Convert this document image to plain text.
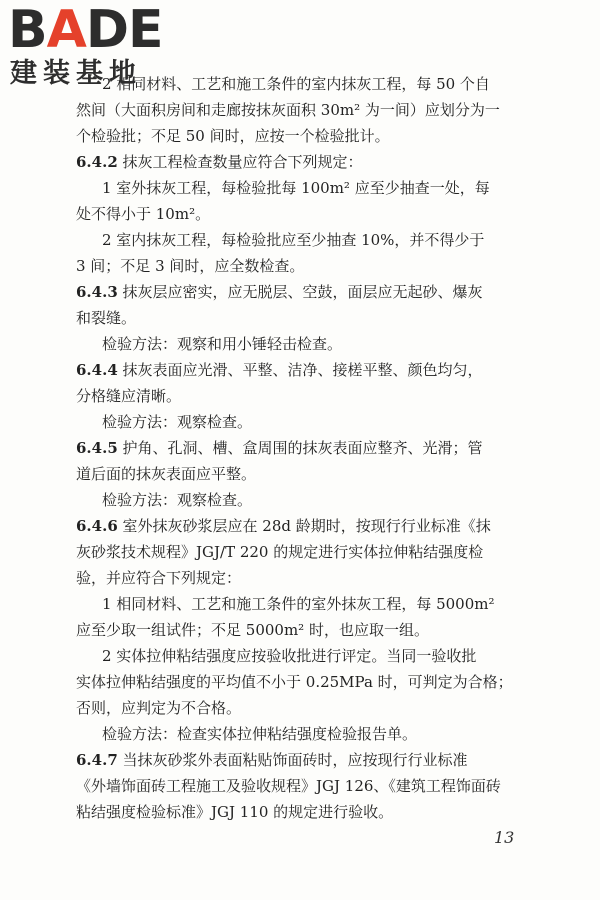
BADE
建装基地
2 相同材料、工艺和施工条件的室内抹灰工程，每 50 个自
然间（大面积房间和走廊按抹灰面积 30m² 为一间）应划分为一
个检验批；不足 50 间时，应按一个检验批计。
6.4.2 抹灰工程检查数量应符合下列规定：
1 室外抹灰工程，每检验批每 100m² 应至少抽查一处，每
处不得小于 10m²。
2 室内抹灰工程，每检验批应至少抽查 10%，并不得少于
3 间；不足 3 间时，应全数检查。
6.4.3 抹灰层应密实，应无脱层、空鼓，面层应无起砂、爆灰
和裂缝。
检验方法：观察和用小锤轻击检查。
6.4.4 抹灰表面应光滑、平整、洁净、接槎平整、颜色均匀，
分格缝应清晰。
检验方法：观察检查。
6.4.5 护角、孔洞、槽、盒周围的抹灰表面应整齐、光滑；管
道后面的抹灰表面应平整。
检验方法：观察检查。
6.4.6 室外抹灰砂浆层应在 28d 龄期时，按现行行业标准《抹
灰砂浆技术规程》JGJ/T 220 的规定进行实体拉伸粘结强度检
验，并应符合下列规定：
1 相同材料、工艺和施工条件的室外抹灰工程，每 5000m²
应至少取一组试件；不足 5000m² 时，也应取一组。
2 实体拉伸粘结强度应按验收批进行评定。当同一验收批
实体拉伸粘结强度的平均值不小于 0.25MPa 时，可判定为合格；
否则，应判定为不合格。
检验方法：检查实体拉伸粘结强度检验报告单。
6.4.7 当抹灰砂浆外表面粘贴饰面砖时，应按现行行业标准
《外墙饰面砖工程施工及验收规程》JGJ 126、《建筑工程饰面砖
粘结强度检验标准》JGJ 110 的规定进行验收。
13
